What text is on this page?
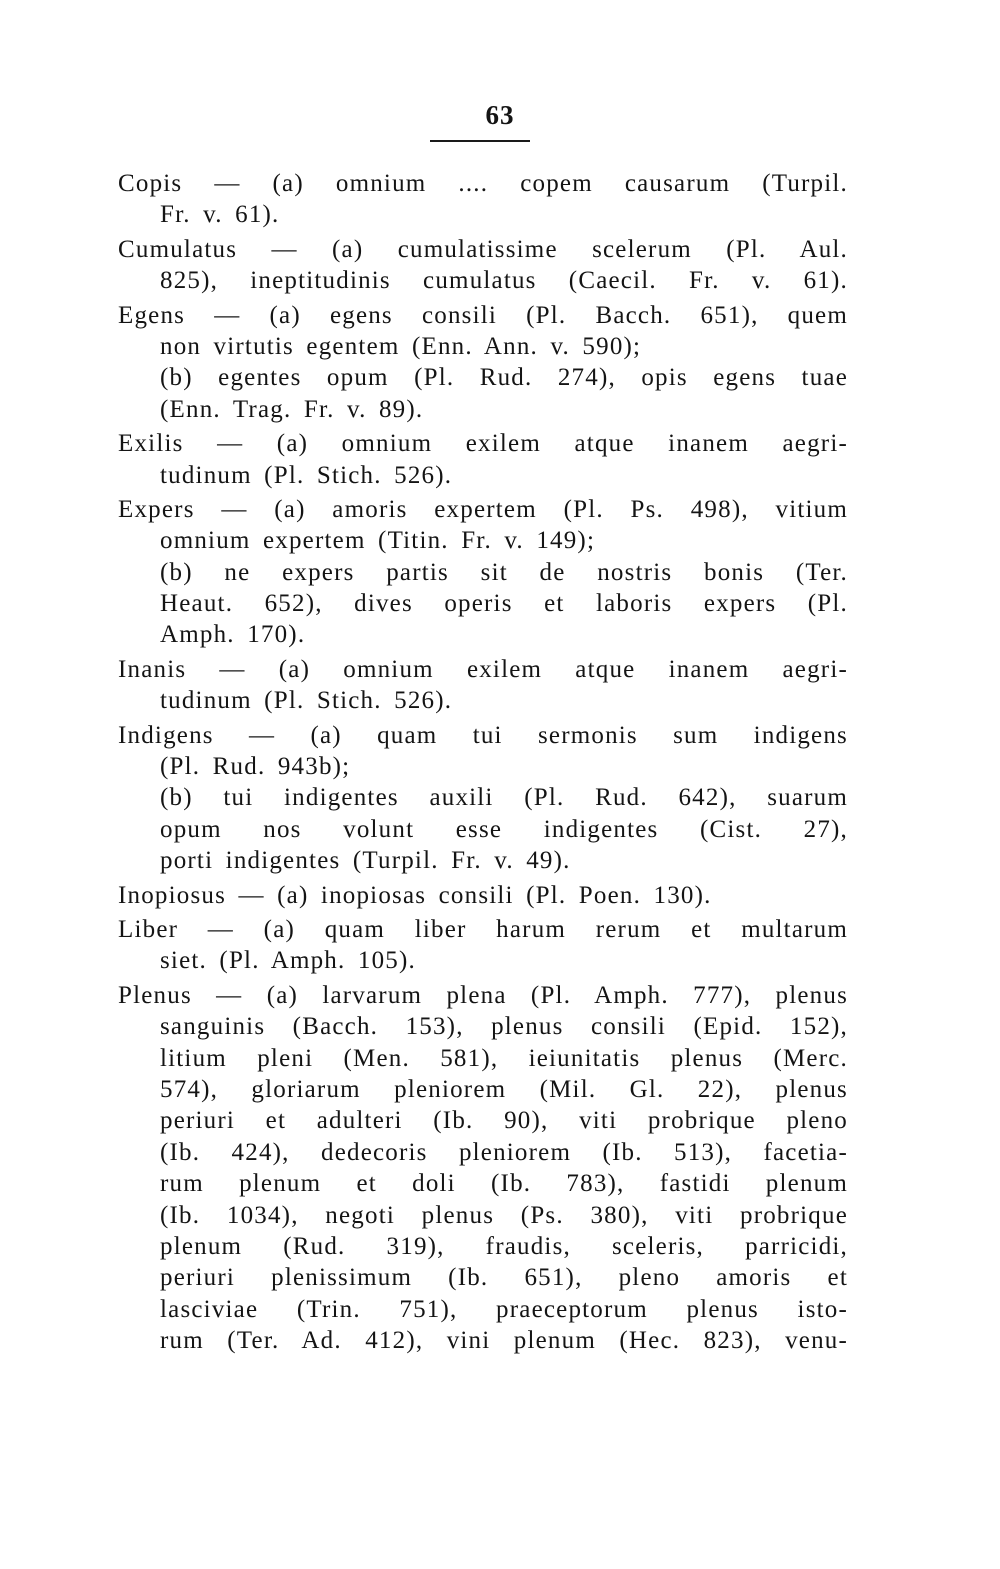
63
Copis — (a) omnium .... copem causarum (Turpil.
Fr. v. 61).
Cumulatus — (a) cumulatissime scelerum (Pl. Aul.
825), ineptitudinis cumulatus (Caecil. Fr. v. 61).
Egens — (a) egens consili (Pl. Bacch. 651), quem
non virtutis egentem (Enn. Ann. v. 590);
(b) egentes opum (Pl. Rud. 274), opis egens tuae
(Enn. Trag. Fr. v. 89).
Exilis — (a) omnium exilem atque inanem aegri-
tudinum (Pl. Stich. 526).
Expers — (a) amoris expertem (Pl. Ps. 498), vitium
omnium expertem (Titin. Fr. v. 149);
(b) ne expers partis sit de nostris bonis (Ter.
Heaut. 652), dives operis et laboris expers (Pl.
Amph. 170).
Inanis — (a) omnium exilem atque inanem aegri-
tudinum (Pl. Stich. 526).
Indigens — (a) quam tui sermonis sum indigens
(Pl. Rud. 943b);
(b) tui indigentes auxili (Pl. Rud. 642), suarum
opum nos volunt esse indigentes (Cist. 27),
porti indigentes (Turpil. Fr. v. 49).
Inopiosus — (a) inopiosas consili (Pl. Poen. 130).
Liber — (a) quam liber harum rerum et multarum
siet. (Pl. Amph. 105).
Plenus — (a) larvarum plena (Pl. Amph. 777), plenus
sanguinis (Bacch. 153), plenus consili (Epid. 152),
litium pleni (Men. 581), ieiunitatis plenus (Merc.
574), gloriarum pleniorem (Mil. Gl. 22), plenus
periuri et adulteri (Ib. 90), viti probrique pleno
(Ib. 424), dedecoris pleniorem (Ib. 513), facetia-
rum plenum et doli (Ib. 783), fastidi plenum
(Ib. 1034), negoti plenus (Ps. 380), viti probrique
plenum (Rud. 319), fraudis, sceleris, parricidi,
periuri plenissimum (Ib. 651), pleno amoris et
lasciviae (Trin. 751), praeceptorum plenus isto-
rum (Ter. Ad. 412), vini plenum (Hec. 823), venu-
